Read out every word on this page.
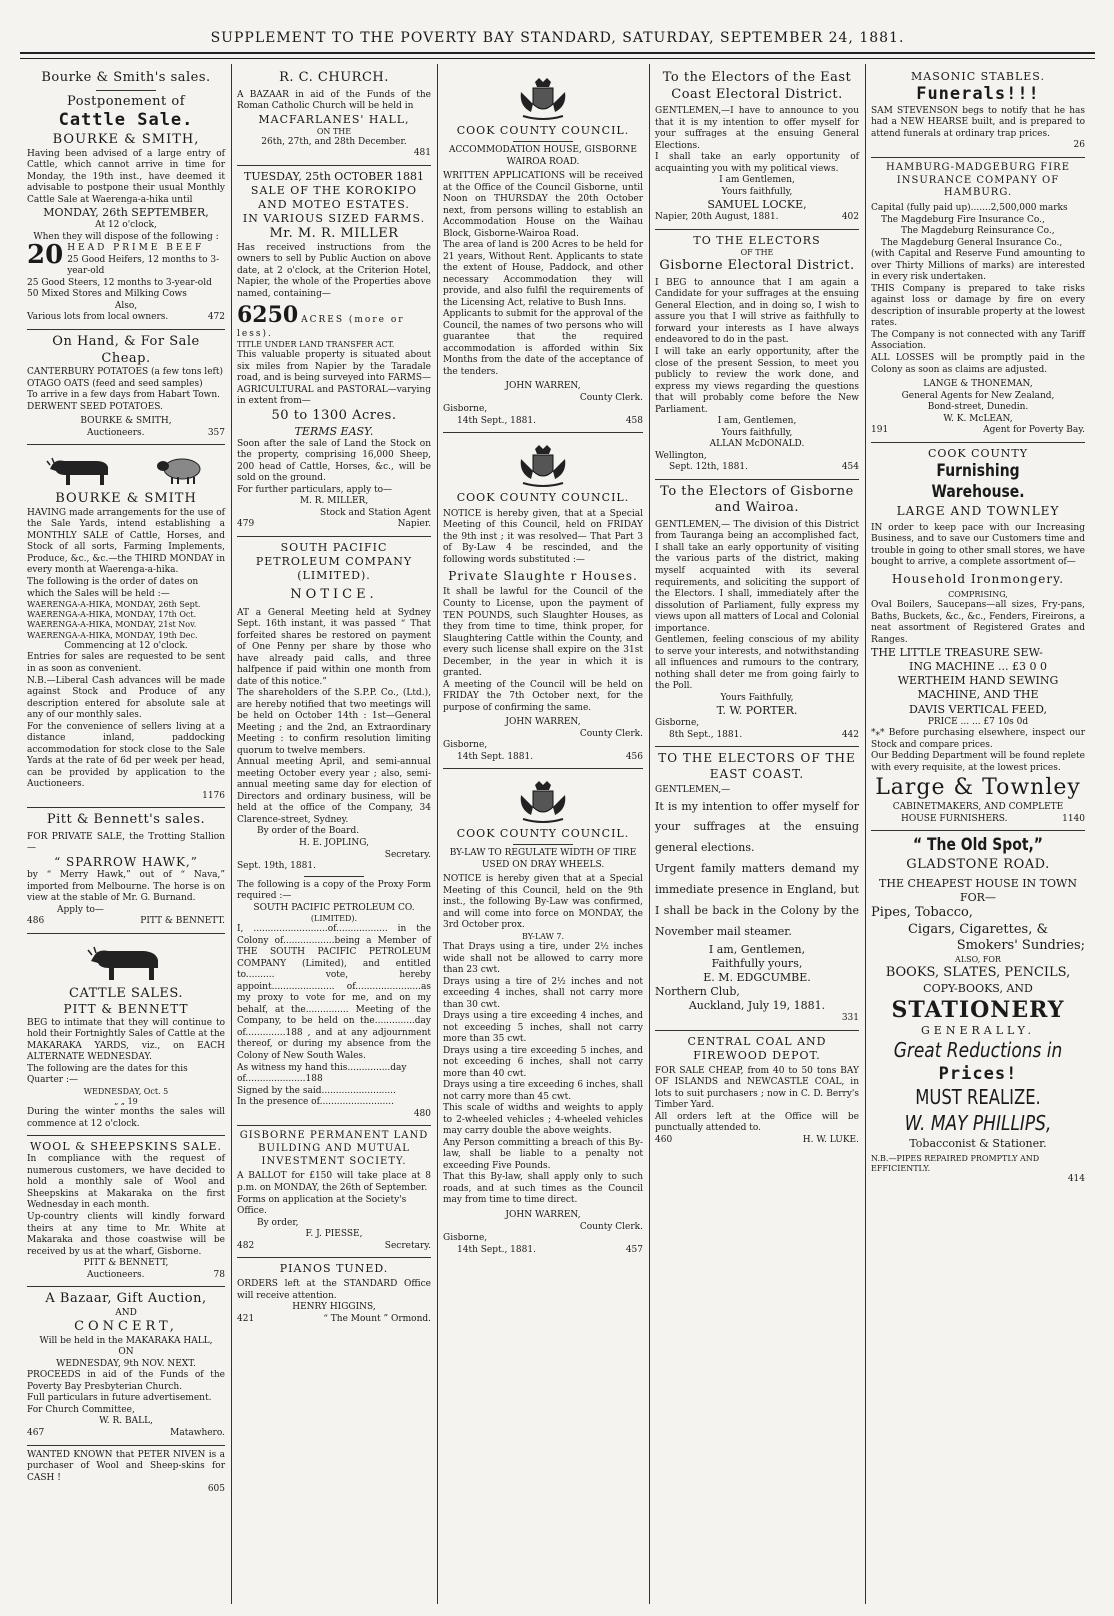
SUPPLEMENT TO THE POVERTY BAY STANDARD, SATURDAY, SEPTEMBER 24, 1881.
Bourke & Smith's sales.
Postponement of
Cattle Sale.
BOURKE & SMITH,
Having been advised of a large entry of Cattle, which cannot arrive in time for Monday, the 19th inst., have deemed it advisable to postpone their usual Monthly Cattle Sale at Waerenga-a-hika until
MONDAY, 26th SEPTEMBER,
At 12 o'clock,
When they will dispose of the following :
20 HEAD PRIME BEEF
25 Good Heifers, 12 months to 3-year-old
25 Good Steers, 12 months to 3-year-old
50 Mixed Stores and Milking Cows
Also,
Various lots from local owners.	472
On Hand, & For Sale Cheap.
CANTERBURY POTATOES (a few tons left)
OTAGO OATS (feed and seed samples)
To arrive in a few days from Habart Town. DERWENT SEED POTATOES.
BOURKE & SMITH,
Auctioneers.	357
BOURKE & SMITH
HAVING made arrangements for the use of the Sale Yards, intend establishing a MONTHLY SALE of Cattle, Horses, and Stock of all sorts, Farming Implements, Produce, &c., &c.—the THIRD MONDAY in every month at Waerenga-a-hika.
The following is the order of dates on which the Sales will be held :—
WAERENGA-A-HIKA, MONDAY, 26th Sept.
WAERENGA-A-HIKA, MONDAY, 17th Oct.
WAERENGA-A-HIKA, MONDAY, 21st Nov.
WAERENGA-A-HIKA, MONDAY, 19th Dec.
Commencing at 12 o'clock.
Entries for sales are requested to be sent in as soon as convenient.
N.B.—Liberal Cash advances will be made against Stock and Produce of any description entered for absolute sale at any of our monthly sales.
For the convenience of sellers living at a distance inland, paddocking accommodation for stock close to the Sale Yards at the rate of 6d per week per head, can be provided by application to the Auctioneers.
1176
Pitt & Bennett's sales.
FOR PRIVATE SALE, the Trotting Stallion—
“ SPARROW HAWK,”
by “ Merry Hawk,” out of “ Nava,” imported from Melbourne. The horse is on view at the stable of Mr. G. Burnand.
Apply to—
486	PITT & BENNETT.
CATTLE SALES.
PITT & BENNETT
BEG to intimate that they will continue to hold their Fortnightly Sales of Cattle at the MAKARAKA YARDS, viz., on EACH ALTERNATE WEDNESDAY.
The following are the dates for this Quarter :—
WEDNESDAY, Oct. 5
„ „ 19
During the winter months the sales will commence at 12 o'clock.
WOOL & SHEEPSKINS SALE.
In compliance with the request of numerous customers, we have decided to hold a monthly sale of Wool and Sheepskins at Makaraka on the first Wednesday in each month.
Up-country clients will kindly forward theirs at any time to Mr. White at Makaraka and those coastwise will be received by us at the wharf, Gisborne.
PITT & BENNETT,
Auctioneers.	78
A Bazaar, Gift Auction,
AND
CONCERT,
Will be held in the MAKARAKA HALL,
ON
WEDNESDAY, 9th NOV. NEXT.
PROCEEDS in aid of the Funds of the Poverty Bay Presbyterian Church.
Full particulars in future advertisement.
For Church Committee,
W. R. BALL,
467	Matawhero.
WANTED KNOWN that PETER NIVEN is a purchaser of Wool and Sheep-skins for CASH !
605
R. C. CHURCH.
A BAZAAR in aid of the Funds of the Roman Catholic Church will be held in
MACFARLANES' HALL,
ON THE
26th, 27th, and 28th December.
481
TUESDAY, 25th OCTOBER 1881
SALE OF THE KOROKIPO AND MOTEO ESTATES.
IN VARIOUS SIZED FARMS.
Mr. M. R. MILLER
Has received instructions from the owners to sell by Public Auction on above date, at 2 o'clock, at the Criterion Hotel, Napier, the whole of the Properties above named, containing—
6250 ACRES (more or less).
TITLE UNDER LAND TRANSFER ACT.
This valuable property is situated about six miles from Napier by the Taradale road, and is being surveyed into FARMS—AGRICULTURAL and PASTORAL—varying in extent from—
50 to 1300 Acres.
TERMS EASY.
Soon after the sale of Land the Stock on the property, comprising 16,000 Sheep, 200 head of Cattle, Horses, &c., will be sold on the ground.
For further particulars, apply to—
M. R. MILLER,
Stock and Station Agent
479	Napier.
SOUTH PACIFIC PETROLEUM COMPANY (LIMITED).
NOTICE.
AT a General Meeting held at Sydney Sept. 16th instant, it was passed “ That forfeited shares be restored on payment of One Penny per share by those who have already paid calls, and three halfpence if paid within one month from date of this notice.”
The shareholders of the S.P.P. Co., (Ltd.), are hereby notified that two meetings will be held on October 14th : 1st—General Meeting ; and the 2nd, an Extraordinary Meeting : to confirm resolution limiting quorum to twelve members.
Annual meeting April, and semi-annual meeting October every year ; also, semi-annual meeting same day for election of Directors and ordinary business, will be held at the office of the Company, 34 Clarence-street, Sydney.
By order of the Board.
H. E. JOPLING,
Secretary.
Sept. 19th, 1881.
The following is a copy of the Proxy Form required :—
SOUTH PACIFIC PETROLEUM CO.
(LIMITED).
I, ..........................of.................. in the Colony of..................being a Member of THE SOUTH PACIFIC PETROLEUM COMPANY (Limited), and entitled to.......... vote, hereby appoint...................... of.......................as my proxy to vote for me, and on my behalf, at the............... Meeting of the Company, to be held on the..............day of..............188 , and at any adjournment thereof, or during my absence from the Colony of New South Wales.
As witness my hand this...............day of.....................188
Signed by the said..........................
In the presence of..........................
480
GISBORNE PERMANENT LAND BUILDING AND MUTUAL INVESTMENT SOCIETY.
A BALLOT for £150 will take place at 8 p.m. on MONDAY, the 26th of September.
Forms on application at the Society's Office.
By order,
F. J. PIESSE,
482	Secretary.
PIANOS TUNED.
ORDERS left at the STANDARD Office will receive attention.
HENRY HIGGINS,
421	“ The Mount ” Ormond.
COOK COUNTY COUNCIL.
ACCOMMODATION HOUSE, GISBORNE WAIROA ROAD.
WRITTEN APPLICATIONS will be received at the Office of the Council Gisborne, until Noon on THURSDAY the 20th October next, from persons willing to establish an Accommodation House on the Waihau Block, Gisborne-Wairoa Road.
The area of land is 200 Acres to be held for 21 years, Without Rent. Applicants to state the extent of House, Paddock, and other necessary Accommodation they will provide, and also fulfil the requirements of the Licensing Act, relative to Bush Inns.
Applicants to submit for the approval of the Council, the names of two persons who will guarantee that the required accommodation is afforded within Six Months from the date of the acceptance of the tenders.
JOHN WARREN,
County Clerk.
Gisborne,
14th Sept., 1881.	458
COOK COUNTY COUNCIL.
NOTICE is hereby given, that at a Special Meeting of this Council, held on FRIDAY the 9th inst ; it was resolved— That Part 3 of By-Law 4 be rescinded, and the following words substituted :—
Private Slaughte r Houses.
It shall be lawful for the Council of the County to License, upon the payment of TEN POUNDS, such Slaughter Houses, as they from time to time, think proper, for Slaughtering Cattle within the County, and every such license shall expire on the 31st December, in the year in which it is granted.
A meeting of the Council will be held on FRIDAY the 7th October next, for the purpose of confirming the same.
JOHN WARREN,
County Clerk.
Gisborne,
14th Sept. 1881.	456
COOK COUNTY COUNCIL.
BY-LAW TO REGULATE WIDTH OF TIRE USED ON DRAY WHEELS.
NOTICE is hereby given that at a Special Meeting of this Council, held on the 9th inst., the following By-Law was confirmed, and will come into force on MONDAY, the 3rd October prox.
BY-LAW 7.
That Drays using a tire, under 2½ inches wide shall not be allowed to carry more than 23 cwt.
Drays using a tire of 2½ inches and not exceeding 4 inches, shall not carry more than 30 cwt.
Drays using a tire exceeding 4 inches, and not exceeding 5 inches, shall not carry more than 35 cwt.
Drays using a tire exceeding 5 inches, and not exceeding 6 inches, shall not carry more than 40 cwt.
Drays using a tire exceeding 6 inches, shall not carry more than 45 cwt.
This scale of widths and weights to apply to 2-wheeled vehicles ; 4-wheeled vehicles may carry double the above weights.
Any Person committing a breach of this By-law, shall be liable to a penalty not exceeding Five Pounds.
That this By-law, shall apply only to such roads, and at such times as the Council may from time to time direct.
JOHN WARREN,
County Clerk.
Gisborne,
14th Sept., 1881.	457
To the Electors of the East Coast Electoral District.
GENTLEMEN,—I have to announce to you that it is my intention to offer myself for your suffrages at the ensuing General Elections.
I shall take an early opportunity of acquainting you with my political views.
I am Gentlemen,
Yours faithfully,
SAMUEL LOCKE,
Napier, 20th August, 1881.	402
TO THE ELECTORS
OF THE
Gisborne Electoral District.
I BEG to announce that I am again a Candidate for your suffrages at the ensuing General Election, and in doing so, I wish to assure you that I will strive as faithfully to forward your interests as I have always endeavored to do in the past.
I will take an early opportunity, after the close of the present Session, to meet you publicly to review the work done, and express my views regarding the questions that will probably come before the New Parliament.
I am, Gentlemen,
Yours faithfully,
ALLAN McDONALD.
Wellington,
Sept. 12th, 1881.	454
To the Electors of Gisborne and Wairoa.
GENTLEMEN,— The division of this District from Tauranga being an accomplished fact, I shall take an early opportunity of visiting the various parts of the district, making myself acquainted with its several requirements, and soliciting the support of the Electors. I shall, immediately after the dissolution of Parliament, fully express my views upon all matters of Local and Colonial importance.
Gentlemen, feeling conscious of my ability to serve your interests, and notwithstanding all influences and rumours to the contrary, nothing shall deter me from going fairly to the Poll.
Yours Faithfully,
T. W. PORTER.
Gisborne,
8th Sept., 1881.	442
TO THE ELECTORS OF THE EAST COAST.
GENTLEMEN,—
It is my intention to offer myself for your suffrages at the ensuing general elections.
Urgent family matters demand my immediate presence in England, but I shall be back in the Colony by the November mail steamer.
I am, Gentlemen,
Faithfully yours,
E. M. EDGCUMBE.
Northern Club,
Auckland, July 19, 1881.
331
CENTRAL COAL AND FIREWOOD DEPOT.
FOR SALE CHEAP, from 40 to 50 tons BAY OF ISLANDS and NEWCASTLE COAL, in lots to suit purchasers ; now in C. D. Berry's Timber Yard.
All orders left at the Office will be punctually attended to.
460	H. W. LUKE.
MASONIC STABLES.
Funerals!!!
SAM STEVENSON begs to notify that he has had a NEW HEARSE built, and is prepared to attend funerals at ordinary trap prices.
26
HAMBURG-MADGEBURG FIRE INSURANCE COMPANY OF HAMBURG.
Capital (fully paid up).......2,500,000 marks
The Magdeburg Fire Insurance Co.,
The Magdeburg Reinsurance Co.,
The Magdeburg General Insurance Co.,
(with Capital and Reserve Fund amounting to over Thirty Millions of marks) are interested in every risk undertaken.
THIS Company is prepared to take risks against loss or damage by fire on every description of insurable property at the lowest rates.
The Company is not connected with any Tariff Association.
ALL LOSSES will be promptly paid in the Colony as soon as claims are adjusted.
LANGE & THONEMAN,
General Agents for New Zealand,
Bond-street, Dunedin.
W. K. McLEAN,
191	Agent for Poverty Bay.
COOK COUNTY
Furnishing Warehouse.
LARGE AND TOWNLEY
IN order to keep pace with our Increasing Business, and to save our Customers time and trouble in going to other small stores, we have bought to arrive, a complete assortment of—
Household Ironmongery.
COMPRISING,
Oval Boilers, Saucepans—all sizes, Fry-pans, Baths, Buckets, &c., &c., Fenders, Fireirons, a neat assortment of Registered Grates and Ranges.
THE LITTLE TREASURE SEW-
ING MACHINE ... £3 0 0
WERTHEIM HAND SEWING
MACHINE, AND THE
DAVIS VERTICAL FEED,
PRICE ... ... £7 10s 0d
*⁎* Before purchasing elsewhere, inspect our Stock and compare prices.
Our Bedding Department will be found replete with every requisite, at the lowest prices.
Large & Townley
CABINETMAKERS, AND COMPLETE
HOUSE FURNISHERS.	1140
“ The Old Spot,”
GLADSTONE ROAD.
THE CHEAPEST HOUSE IN TOWN FOR—
Pipes, Tobacco,
Cigars, Cigarettes, &
Smokers' Sundries;
ALSO, FOR
BOOKS, SLATES, PENCILS,
COPY-BOOKS, AND
STATIONERY
GENERALLY.
Great Reductions in
Prices!
MUST REALIZE.
W. MAY PHILLIPS,
Tobacconist & Stationer.
N.B.—PIPES REPAIRED PROMPTLY AND EFFICIENTLY.
414
